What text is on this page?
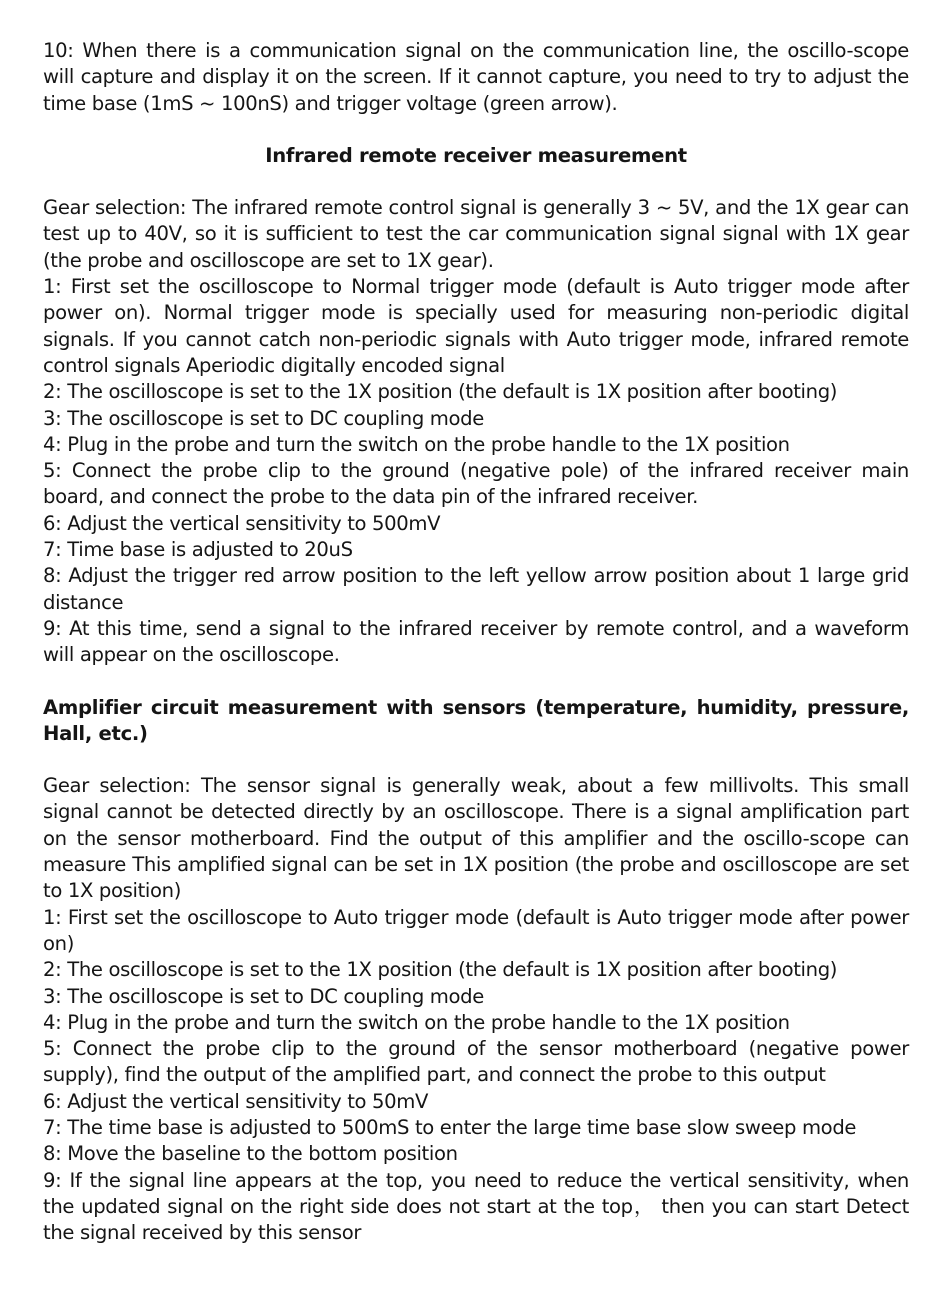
10: When there is a communication signal on the communication line, the oscillo-scope will capture and display it on the screen. If it cannot capture, you need to try to adjust the time base (1mS ~ 100nS) and trigger voltage (green arrow).

Infrared remote receiver measurement

Gear selection: The infrared remote control signal is generally 3 ~ 5V, and the 1X gear can test up to 40V, so it is sufficient to test the car communication signal signal with 1X gear (the probe and oscilloscope are set to 1X gear).

1: First set the oscilloscope to Normal trigger mode (default is Auto trigger mode after power on). Normal trigger mode is specially used for measuring non-periodic digital signals. If you cannot catch non-periodic signals with Auto trigger mode, infrared remote control signals Aperiodic digitally encoded signal
2: The oscilloscope is set to the 1X position (the default is 1X position after booting)
3: The oscilloscope is set to DC coupling mode
4: Plug in the probe and turn the switch on the probe handle to the 1X position
5: Connect the probe clip to the ground (negative pole) of the infrared receiver main board, and connect the probe to the data pin of the infrared receiver.
6: Adjust the vertical sensitivity to 500mV
7: Time base is adjusted to 20uS
8: Adjust the trigger red arrow position to the left yellow arrow position about 1 large grid distance
9: At this time, send a signal to the infrared receiver by remote control, and a waveform will appear on the oscilloscope.
Amplifier circuit measurement with sensors (temperature, humidity, pressure, Hall, etc.)

Gear selection: The sensor signal is generally weak, about a few millivolts. This small signal cannot be detected directly by an oscilloscope. There is a signal amplification part on the sensor motherboard. Find the output of this amplifier and the oscillo-scope can measure This amplified signal can be set in 1X position (the probe and oscilloscope are set to 1X position)

1: First set the oscilloscope to Auto trigger mode (default is Auto trigger mode after power on)
2: The oscilloscope is set to the 1X position (the default is 1X position after booting)
3: The oscilloscope is set to DC coupling mode
4: Plug in the probe and turn the switch on the probe handle to the 1X position
5: Connect the probe clip to the ground of the sensor motherboard (negative power supply), find the output of the amplified part, and connect the probe to this output
6: Adjust the vertical sensitivity to 50mV
7: The time base is adjusted to 500mS to enter the large time base slow sweep mode
8: Move the baseline to the bottom position
9: If the signal line appears at the top, you need to reduce the vertical sensitivity, when the updated signal on the right side does not start at the top， then you can start Detect the signal received by this sensor
